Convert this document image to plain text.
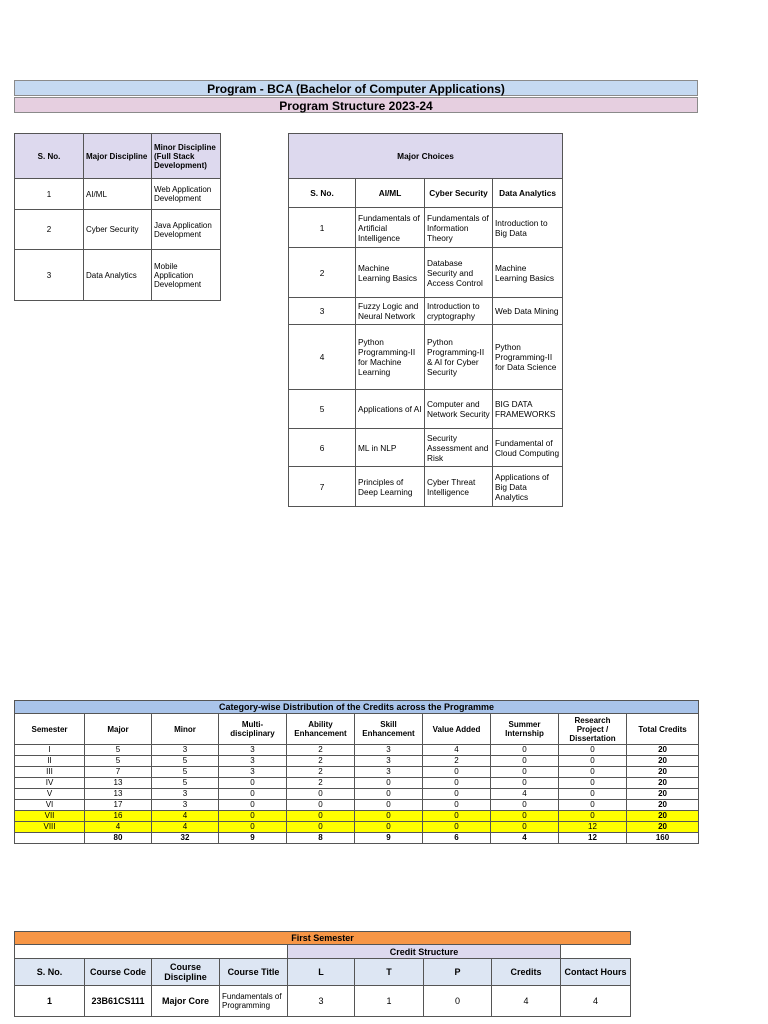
Program - BCA (Bachelor of Computer Applications)
Program Structure 2023-24
S. No.	Major Discipline	Minor Discipline (Full Stack Development)
1	AI/ML	Web Application Development
2	Cyber Security	Java Application Development
3	Data Analytics	Mobile Application Development
Major Choices			
S. No.	AI/ML	Cyber Security	Data Analytics
1	Fundamentals of Artificial Intelligence	Fundamentals of Information Theory	Introduction to Big Data
2	Machine Learning Basics	Database Security and Access Control	Machine Learning Basics
3	Fuzzy Logic and Neural Network	Introduction to cryptography	Web Data Mining
4	Python Programming-II for Machine Learning	Python Programming-II & AI for Cyber Security	Python Programming-II for Data Science
5	Applications of AI	Computer and Network Security	BIG DATA FRAMEWORKS
6	ML in NLP	Security Assessment and Risk	Fundamental of Cloud Computing
7	Principles of Deep Learning	Cyber Threat Intelligence	Applications of Big Data Analytics
Category-wise Distribution of the Credits across the Programme									
Semester	Major	Minor	Multi-disciplinary	Ability Enhancement	Skill Enhancement	Value Added	Summer Internship	Research Project / Dissertation	Total Credits
I	5	3	3	2	3	4	0	0	20
II	5	5	3	2	3	2	0	0	20
III	7	5	3	2	3	0	0	0	20
IV	13	5	0	2	0	0	0	0	20
V	13	3	0	0	0	0	4	0	20
VI	17	3	0	0	0	0	0	0	20
VII	16	4	0	0	0	0	0	0	20
VIII	4	4	0	0	0	0	0	12	20
	80	32	9	8	9	6	4	12	160
First Semester								
				Credit Structure				
S. No.	Course Code	Course Discipline	Course Title	L	T	P	Credits	Contact Hours
1	23B61CS111	Major Core	Fundamentals of Programming	3	1	0	4	4
